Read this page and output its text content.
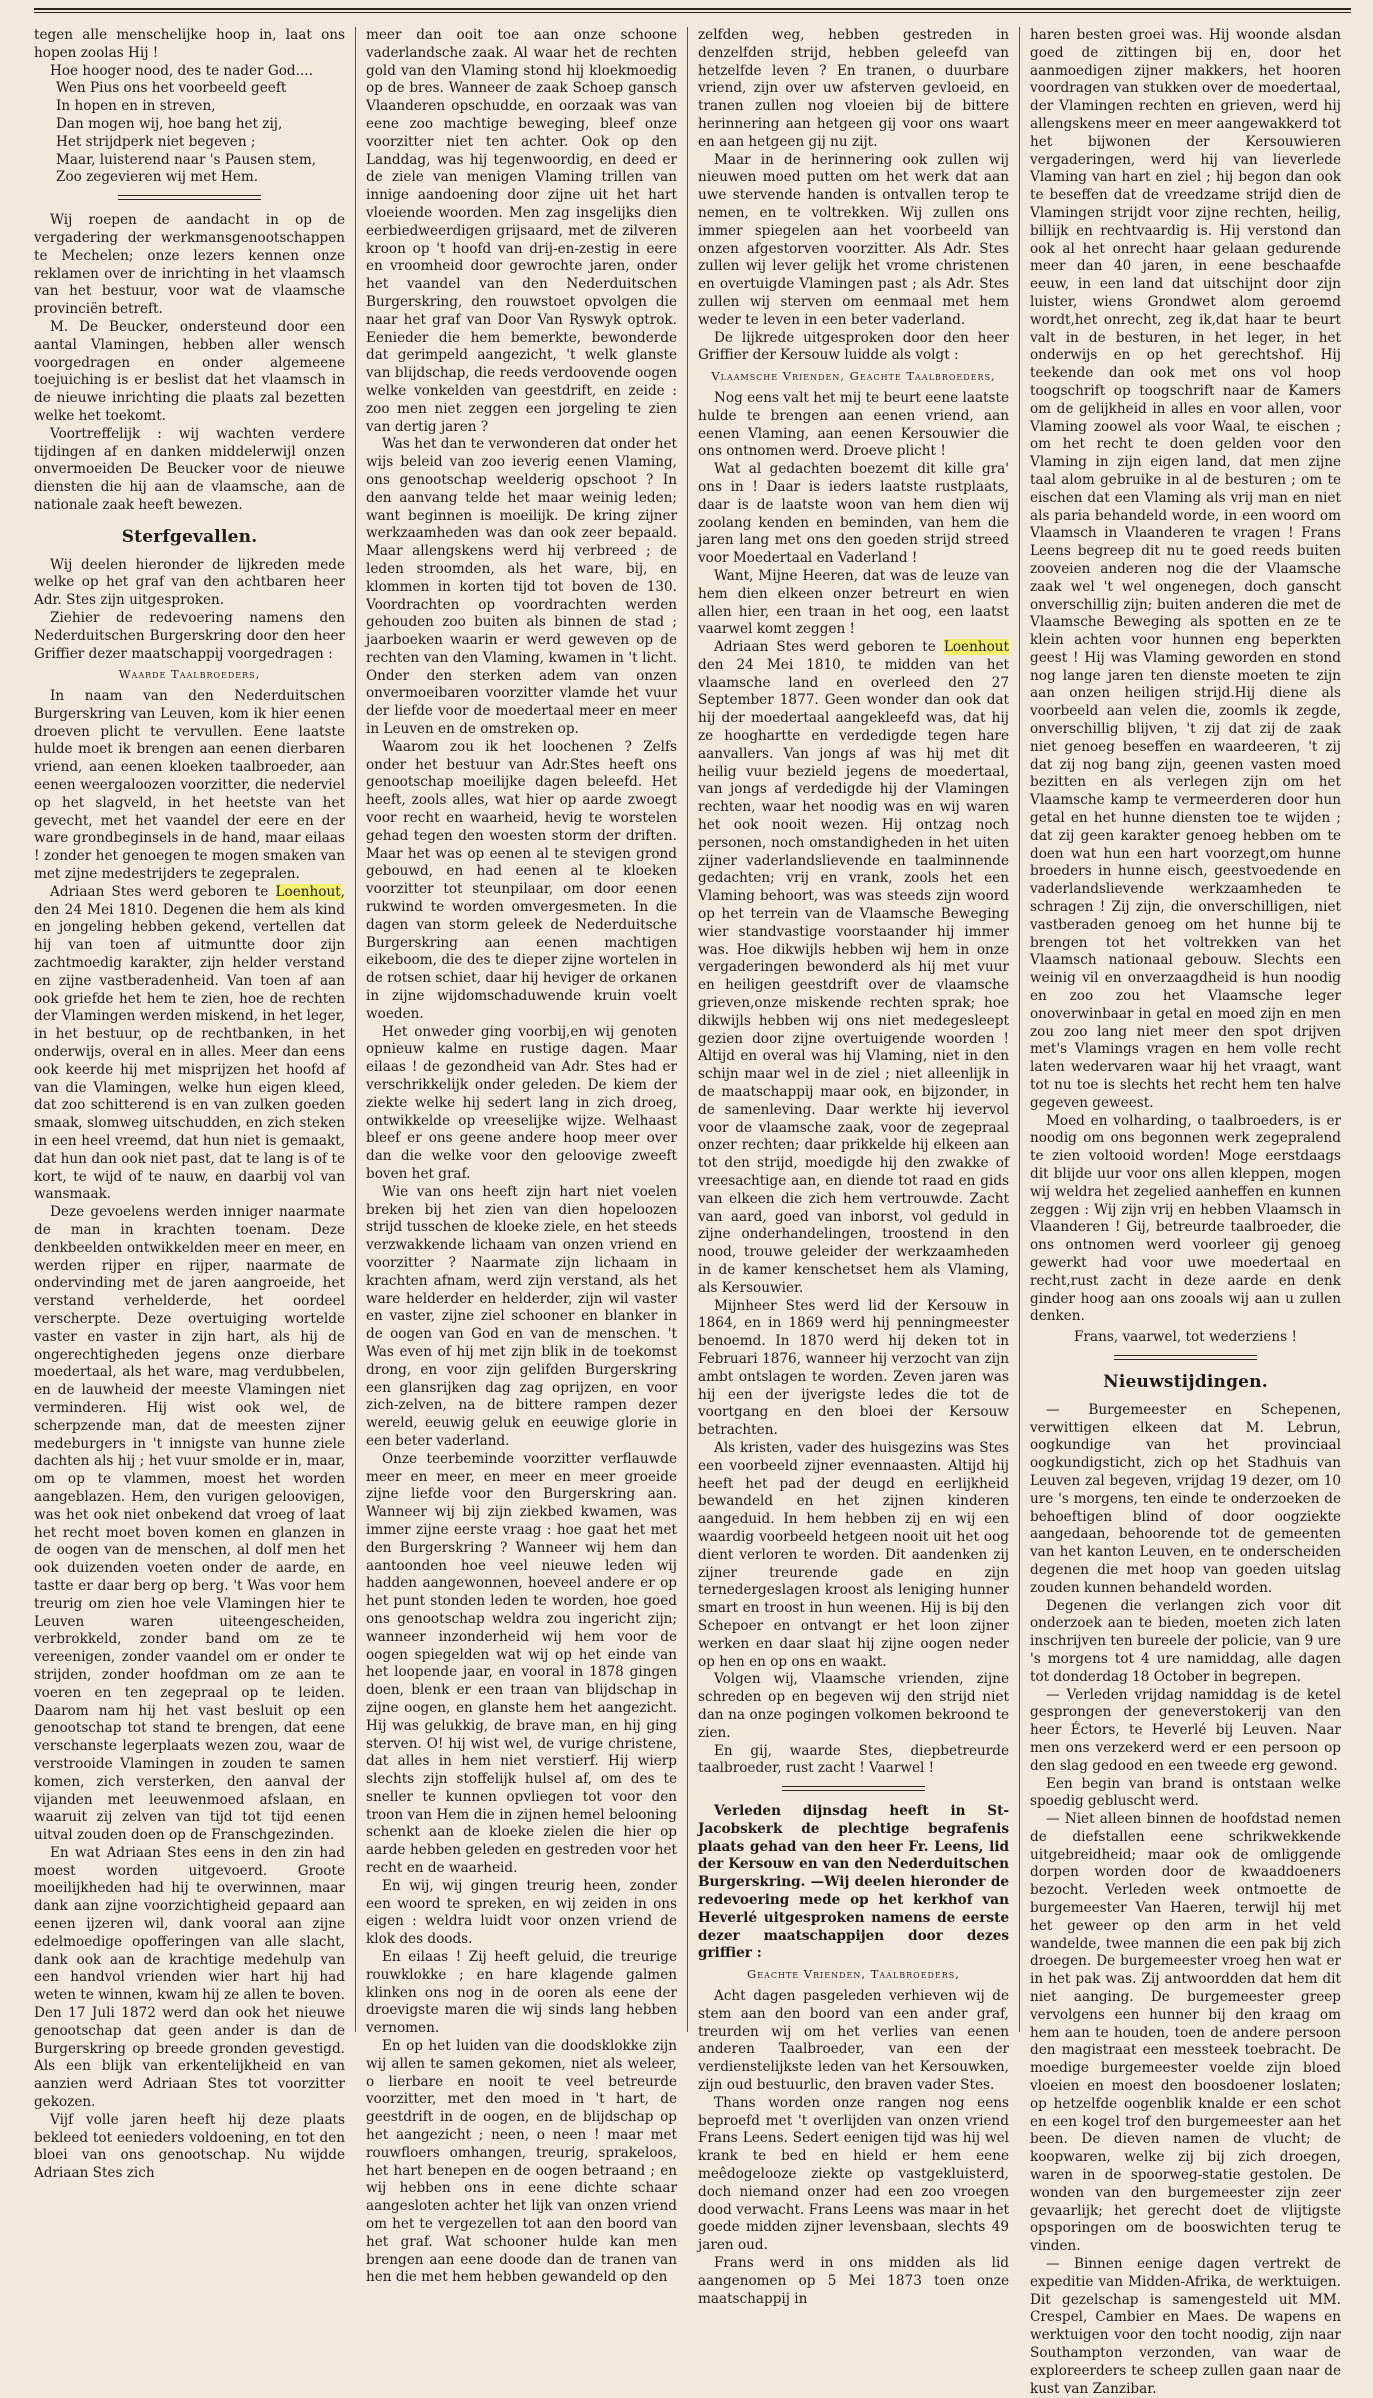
tegen alle menschelijke hoop in, laat ons hopen zoolas Hij !

Hoe hooger nood, des te nader God....

Wen Pius ons het voorbeeld geeft
In hopen en in streven,
Dan mogen wij, hoe bang het zij,
Het strijdperk niet begeven ;
Maar, luisterend naar 's Pausen stem,
Zoo zegevieren wij met Hem.

Wij roepen de aandacht in op de vergadering der werkmansgenootschappen te Mechelen; onze lezers kennen onze reklamen over de inrichting in het vlaamsch van het bestuur, voor wat de vlaamsche provinciën betreft.

M. De Beucker, ondersteund door een aantal Vlamingen, hebben aller wensch voorgedragen en onder algemeene toejuiching is er beslist dat het vlaamsch in de nieuwe inrichting die plaats zal bezetten welke het toekomt.

Voortreffelijk : wij wachten verdere tijdingen af en danken middelerwijl onzen onvermoeiden De Beucker voor de nieuwe diensten die hij aan de vlaamsche, aan de nationale zaak heeft bewezen.

Sterfgevallen.

Wij deelen hieronder de lijkreden mede welke op het graf van den achtbaren heer Adr. Stes zijn uitgesproken.

Ziehier de redevoering namens den Nederduitschen Burgerskring door den heer Griffier dezer maatschappij voorgedragen :

Waarde Taalbroeders,

In naam van den Nederduitschen Burgerskring van Leuven, kom ik hier eenen droeven plicht te vervullen. Eene laatste hulde moet ik brengen aan eenen dierbaren vriend, aan eenen kloeken taalbroeder, aan eenen weergaloozen voorzitter, die nederviel op het slagveld, in het heetste van het gevecht, met het vaandel der eere en der ware grondbeginsels in de hand, maar eilaas ! zonder het genoegen te mogen smaken van met zijne medestrijders te zegepralen.

Adriaan Stes werd geboren te Loenhout, den 24 Mei 1810. Degenen die hem als kind en jongeling hebben gekend, vertellen dat hij van toen af uitmuntte door zijn zachtmoedig karakter, zijn helder verstand en zijne vastberadenheid. Van toen af aan ook griefde het hem te zien, hoe de rechten der Vlamingen werden miskend, in het leger, in het bestuur, op de rechtbanken, in het onderwijs, overal en in alles. Meer dan eens ook keerde hij met misprijzen het hoofd af van die Vlamingen, welke hun eigen kleed, dat zoo schitterend is en van zulken goeden smaak, slomweg uitschudden, en zich steken in een heel vreemd, dat hun niet is gemaakt, dat hun dan ook niet past, dat te lang is of te kort, te wijd of te nauw, en daarbij vol van wansmaak.

Deze gevoelens werden inniger naarmate de man in krachten toenam. Deze denkbeelden ontwikkelden meer en meer, en werden rijper en rijper, naarmate de ondervinding met de jaren aangroeide, het verstand verhelderde, het oordeel verscherpte. Deze overtuiging wortelde vaster en vaster in zijn hart, als hij de ongerechtigheden jegens onze dierbare moedertaal, als het ware, mag verdubbelen, en de lauwheid der meeste Vlamingen niet verminderen. Hij wist ook wel, de scherpzende man, dat de meesten zijner medeburgers in 't innigste van hunne ziele dachten als hij ; het vuur smolde er in, maar, om op te vlammen, moest het worden aangeblazen. Hem, den vurigen geloovigen, was het ook niet onbekend dat vroeg of laat het recht moet boven komen en glanzen in de oogen van de menschen, al dolf men het ook duizenden voeten onder de aarde, en tastte er daar berg op berg. 't Was voor hem treurig om zien hoe vele Vlamingen hier te Leuven waren uiteengescheiden, verbrokkeld, zonder band om ze te vereenigen, zonder vaandel om er onder te strijden, zonder hoofdman om ze aan te voeren en ten zegepraal op te leiden. Daarom nam hij het vast besluit op een genootschap tot stand te brengen, dat eene verschanste legerplaats wezen zou, waar de verstrooide Vlamingen in zouden te samen komen, zich versterken, den aanval der vijanden met leeuwenmoed afslaan, en waaruit zij zelven van tijd tot tijd eenen uitval zouden doen op de Franschgezinden.

En wat Adriaan Stes eens in den zin had moest worden uitgevoerd. Groote moeilijkheden had hij te overwinnen, maar dank aan zijne voorzichtigheid gepaard aan eenen ijzeren wil, dank vooral aan zijne edelmoedige opofferingen van alle slacht, dank ook aan de krachtige medehulp van een handvol vrienden wier hart hij had weten te winnen, kwam hij ze allen te boven. Den 17 Juli 1872 werd dan ook het nieuwe genootschap dat geen ander is dan de Burgerskring op breede gronden gevestigd. Als een blijk van erkentelijkheid en van aanzien werd Adriaan Stes tot voorzitter gekozen.

Vijf volle jaren heeft hij deze plaats bekleed tot eenieders voldoening, en tot den bloei van ons genootschap. Nu wijdde Adriaan Stes zich

meer dan ooit toe aan onze schoone vaderlandsche zaak. Al waar het de rechten gold van den Vlaming stond hij kloekmoedig op de bres. Wanneer de zaak Schoep gansch Vlaanderen opschudde, en oorzaak was van eene zoo machtige beweging, bleef onze voorzitter niet ten achter. Ook op den Landdag, was hij tegenwoordig, en deed er de ziele van menigen Vlaming trillen van innige aandoening door zijne uit het hart vloeiende woorden. Men zag insgelijks dien eerbiedweerdigen grijsaard, met de zilveren kroon op 't hoofd van drij-en-zestig in eere en vroomheid door gewrochte jaren, onder het vaandel van den Nederduitschen Burgerskring, den rouwstoet opvolgen die naar het graf van Door Van Ryswyk optrok. Eenieder die hem bemerkte, bewonderde dat gerimpeld aangezicht, 't welk glanste van blijdschap, die reeds verdoovende oogen welke vonkelden van geestdrift, en zeide : zoo men niet zeggen een jorgeling te zien van dertig jaren ?

Was het dan te verwonderen dat onder het wijs beleid van zoo ieverig eenen Vlaming, ons genootschap weelderig opschoot ? In den aanvang telde het maar weinig leden; want beginnen is moeilijk. De kring zijner werkzaamheden was dan ook zeer bepaald. Maar allengskens werd hij verbreed ; de leden stroomden, als het ware, bij, en klommen in korten tijd tot boven de 130. Voordrachten op voordrachten werden gehouden zoo buiten als binnen de stad ; jaarboeken waarin er werd geweven op de rechten van den Vlaming, kwamen in 't licht. Onder den sterken adem van onzen onvermoeibaren voorzitter vlamde het vuur der liefde voor de moedertaal meer en meer in Leuven en de omstreken op.

Waarom zou ik het loochenen ? Zelfs onder het bestuur van Adr.Stes heeft ons genootschap moeilijke dagen beleefd. Het heeft, zools alles, wat hier op aarde zwoegt voor recht en waarheid, hevig te worstelen gehad tegen den woesten storm der driften. Maar het was op eenen al te stevigen grond gebouwd, en had eenen al te kloeken voorzitter tot steunpilaar, om door eenen rukwind te worden omvergesmeten. In die dagen van storm geleek de Nederduitsche Burgerskring aan eenen machtigen eikeboom, die des te dieper zijne wortelen in de rotsen schiet, daar hij heviger de orkanen in zijne wijdomschaduwende kruin voelt woeden.

Het onweder ging voorbij,en wij genoten opnieuw kalme en rustige dagen. Maar eilaas ! de gezondheid van Adr. Stes had er verschrikkelijk onder geleden. De kiem der ziekte welke hij sedert lang in zich droeg, ontwikkelde op vreeselijke wijze. Welhaast bleef er ons geene andere hoop meer over dan die welke voor den geloovige zweeft boven het graf.

Wie van ons heeft zijn hart niet voelen breken bij het zien van dien hopeloozen strijd tusschen de kloeke ziele, en het steeds verzwakkende lichaam van onzen vriend en voorzitter ? Naarmate zijn lichaam in krachten afnam, werd zijn verstand, als het ware helderder en helderder, zijn wil vaster en vaster, zijne ziel schooner en blanker in de oogen van God en van de menschen. 't Was even of hij met zijn blik in de toekomst drong, en voor zijn gelifden Burgerskring een glansrijken dag zag oprijzen, en voor zich-zelven, na de bittere rampen dezer wereld, eeuwig geluk en eeuwige glorie in een beter vaderland.

Onze teerbeminde voorzitter verflauwde meer en meer, en meer en meer groeide zijne liefde voor den Burgerskring aan. Wanneer wij bij zijn ziekbed kwamen, was immer zijne eerste vraag : hoe gaat het met den Burgerskring ? Wanneer wij hem dan aantoonden hoe veel nieuwe leden wij hadden aangewonnen, hoeveel andere er op het punt stonden leden te worden, hoe goed ons genootschap weldra zou ingericht zijn; wanneer inzonderheid wij hem voor de oogen spiegelden wat wij op het einde van het loopende jaar, en vooral in 1878 gingen doen, blenk er een traan van blijdschap in zijne oogen, en glanste hem het aangezicht. Hij was gelukkig, de brave man, en hij ging sterven. O! hij wist wel, de vurige christene, dat alles in hem niet verstierf. Hij wierp slechts zijn stoffelijk hulsel af, om des te sneller te kunnen opvliegen tot voor den troon van Hem die in zijnen hemel belooning schenkt aan de kloeke zielen die hier op aarde hebben geleden en gestreden voor het recht en de waarheid.

En wij, wij gingen treurig heen, zonder een woord te spreken, en wij zeiden in ons eigen : weldra luidt voor onzen vriend de klok des doods.

En eilaas ! Zij heeft geluid, die treurige rouwklokke ; en hare klagende galmen klinken ons nog in de ooren als eene der droevigste maren die wij sinds lang hebben vernomen.

En op het luiden van die doodsklokke zijn wij allen te samen gekomen, niet als weleer, o lierbare en nooit te veel betreurde voorzitter, met den moed in 't hart, de geestdrift in de oogen, en de blijdschap op het aangezicht ; neen, o neen ! maar met rouwfloers omhangen, treurig, sprakeloos, het hart benepen en de oogen betraand ; en wij hebben ons in eene dichte schaar aangesloten achter het lijk van onzen vriend om het te vergezellen tot aan den boord van het graf. Wat schooner hulde kan men brengen aan eene doode dan de tranen van hen die met hem hebben gewandeld op den

zelfden weg, hebben gestreden in denzelfden strijd, hebben geleefd van hetzelfde leven ? En tranen, o duurbare vriend, zijn over uw afsterven gevloeid, en tranen zullen nog vloeien bij de bittere herinnering aan hetgeen gij voor ons waart en aan hetgeen gij nu zijt.

Maar in de herinnering ook zullen wij nieuwen moed putten om het werk dat aan uwe stervende handen is ontvallen terop te nemen, en te voltrekken. Wij zullen ons immer spiegelen aan het voorbeeld van onzen afgestorven voorzitter. Als Adr. Stes zullen wij lever gelijk het vrome christenen en overtuigde Vlamingen past ; als Adr. Stes zullen wij sterven om eenmaal met hem weder te leven in een beter vaderland.

De lijkrede uitgesproken door den heer Griffier der Kersouw luidde als volgt :

Vlaamsche Vrienden, Geachte Taalbroeders,

Nog eens valt het mij te beurt eene laatste hulde te brengen aan eenen vriend, aan eenen Vlaming, aan eenen Kersouwier die ons ontnomen werd. Droeve plicht !

Wat al gedachten boezemt dit kille gra' ons in ! Daar is ieders laatste rustplaats, daar is de laatste woon van hem dien wij zoolang kenden en beminden, van hem die jaren lang met ons den goeden strijd streed voor Moedertaal en Vaderland !

Want, Mijne Heeren, dat was de leuze van hem dien elkeen onzer betreurt en wien allen hier, een traan in het oog, een laatst vaarwel komt zeggen !

Adriaan Stes werd geboren te Loenhout den 24 Mei 1810, te midden van het vlaamsche land en overleed den 27 September 1877. Geen wonder dan ook dat hij der moedertaal aangekleefd was, dat hij ze hooghartte en verdedigde tegen hare aanvallers. Van jongs af was hij met dit heilig vuur bezield jegens de moedertaal, van jongs af verdedigde hij der Vlamingen rechten, waar het noodig was en wij waren het ook nooit wezen. Hij ontzag noch personen, noch omstandigheden in het uiten zijner vaderlandslievende en taalminnende gedachten; vrij en vrank, zools het een Vlaming behoort, was was steeds zijn woord op het terrein van de Vlaamsche Beweging wier standvastige voorstaander hij immer was. Hoe dikwijls hebben wij hem in onze vergaderingen bewonderd als hij met vuur en heiligen geestdrift over de vlaamsche grieven,onze miskende rechten sprak; hoe dikwijls hebben wij ons niet medegesleept gezien door zijne overtuigende woorden ! Altijd en overal was hij Vlaming, niet in den schijn maar wel in de ziel ; niet alleenlijk in de maatschappij maar ook, en bijzonder, in de samenleving. Daar werkte hij ievervol voor de vlaamsche zaak, voor de zegepraal onzer rechten; daar prikkelde hij elkeen aan tot den strijd, moedigde hij den zwakke of vreesachtige aan, en diende tot raad en gids van elkeen die zich hem vertrouwde. Zacht van aard, goed van inborst, vol geduld in zijne onderhandelingen, troostend in den nood, trouwe geleider der werkzaamheden in de kamer kenschetset hem als Vlaming, als Kersouwier.

Mijnheer Stes werd lid der Kersouw in 1864, en in 1869 werd hij penningmeester benoemd. In 1870 werd hij deken tot in Februari 1876, wanneer hij verzocht van zijn ambt ontslagen te worden. Zeven jaren was hij een der ijverigste ledes die tot de voortgang en den bloei der Kersouw betrachten.

Als kristen, vader des huisgezins was Stes een voorbeeld zijner evennaasten. Altijd hij heeft het pad der deugd en eerlijkheid bewandeld en het zijnen kinderen aangeduid. In hem hebben zij en wij een waardig voorbeeld hetgeen nooit uit het oog dient verloren te worden. Dit aandenken zij zijner treurende gade en zijn ternedergeslagen kroost als leniging hunner smart en troost in hun weenen. Hij is bij den Schepoer en ontvangt er het loon zijner werken en daar slaat hij zijne oogen neder op hen en op ons en waakt.

Volgen wij, Vlaamsche vrienden, zijne schreden op en begeven wij den strijd niet dan na onze pogingen volkomen bekroond te zien.

En gij, waarde Stes, diepbetreurde taalbroeder, rust zacht ! Vaarwel !

Verleden dijnsdag heeft in St-Jacobskerk de plechtige begrafenis plaats gehad van den heer Fr. Leens, lid der Kersouw en van den Nederduitschen Burgerskring. —Wij deelen hieronder de redevoering mede op het kerkhof van Heverlé uitgesproken namens de eerste dezer maatschappijen door dezes griffier :

Geachte Vrienden, Taalbroeders,

Acht dagen pasgeleden verhieven wij de stem aan den boord van een ander graf, treurden wij om het verlies van eenen anderen Taalbroeder, van een der verdienstelijkste leden van het Kersouwken, zijn oud bestuurlic, den braven vader Stes.

Thans worden onze rangen nog eens beproefd met 't overlijden van onzen vriend Frans Leens. Sedert eenigen tijd was hij wel krank te bed en hield er hem eene meêdogelooze ziekte op vastgekluisterd, doch niemand onzer had een zoo vroegen dood verwacht. Frans Leens was maar in het goede midden zijner levensbaan, slechts 49 jaren oud.

Frans werd in ons midden als lid aangenomen op 5 Mei 1873 toen onze maatschappij in

haren besten groei was. Hij woonde alsdan goed de zittingen bij en, door het aanmoedigen zijner makkers, het hooren voordragen van stukken over de moedertaal, der Vlamingen rechten en grieven, werd hij allengskens meer en meer aangewakkerd tot het bijwonen der Kersouwieren vergaderingen, werd hij van lieverlede Vlaming van hart en ziel ; hij begon dan ook te beseffen dat de vreedzame strijd dien de Vlamingen strijdt voor zijne rechten, heilig, billijk en rechtvaardig is. Hij verstond dan ook al het onrecht haar gelaan gedurende meer dan 40 jaren, in eene beschaafde eeuw, in een land dat uitschijnt door zijn luister, wiens Grondwet alom geroemd wordt,het onrecht, zeg ik,dat haar te beurt valt in de besturen, in het leger, in het onderwijs en op het gerechtshof. Hij teekende dan ook met ons vol hoop toogschrift op toogschrift naar de Kamers om de gelijkheid in alles en voor allen, voor Vlaming zoowel als voor Waal, te eischen ; om het recht te doen gelden voor den Vlaming in zijn eigen land, dat men zijne taal alom gebruike in al de besturen ; om te eischen dat een Vlaming als vrij man en niet als paria behandeld worde, in een woord om Vlaamsch in Vlaanderen te vragen ! Frans Leens begreep dit nu te goed reeds buiten zooveien anderen nog die der Vlaamsche zaak wel 't wel ongenegen, doch ganscht onverschillig zijn; buiten anderen die met de Vlaamsche Beweging als spotten en ze te klein achten voor hunnen eng beperkten geest ! Hij was Vlaming geworden en stond nog lange jaren ten dienste moeten te zijn aan onzen heiligen strijd.Hij diene als voorbeeld aan velen die, zoomls ik zegde, onverschillig blijven, 't zij dat zij de zaak niet genoeg beseffen en waardeeren, 't zij dat zij nog bang zijn, geenen vasten moed bezitten en als verlegen zijn om het Vlaamsche kamp te vermeerderen door hun getal en het hunne diensten toe te wijden ; dat zij geen karakter genoeg hebben om te doen wat hun een hart voorzegt,om hunne broeders in hunne eisch, geestvoedende en vaderlandslievende werkzaamheden te schragen ! Zij zijn, die onverschilligen, niet vastberaden genoeg om het hunne bij te brengen tot het voltrekken van het Vlaamsch nationaal gebouw. Slechts een weinig vil en onverzaagdheid is hun noodig en zoo zou het Vlaamsche leger onoverwinbaar in getal en moed zijn en men zou zoo lang niet meer den spot drijven met's Vlamings vragen en hem volle recht laten wedervaren waar hij het vraagt, want tot nu toe is slechts het recht hem ten halve gegeven geweest.

Moed en volharding, o taalbroeders, is er noodig om ons begonnen werk zegepralend te zien voltooid worden! Moge eerstdaags dit blijde uur voor ons allen kleppen, mogen wij weldra het zegelied aanheffen en kunnen zeggen : Wij zijn vrij en hebben Vlaamsch in Vlaanderen ! Gij, betreurde taalbroeder, die ons ontnomen werd voorleer gij genoeg gewerkt had voor uwe moedertaal en recht,rust zacht in deze aarde en denk ginder hoog aan ons zooals wij aan u zullen denken.

Frans, vaarwel, tot wederziens !
Nieuwstijdingen.

— Burgemeester en Schepenen, verwittigen elkeen dat M. Lebrun, oogkundige van het provinciaal oogkundigsticht, zich op het Stadhuis van Leuven zal begeven, vrijdag 19 dezer, om 10 ure 's morgens, ten einde te onderzoeken de behoeftigen blind of door oogziekte aangedaan, behoorende tot de gemeenten van het kanton Leuven, en te onderscheiden degenen die met hoop van goeden uitslag zouden kunnen behandeld worden.

Degenen die verlangen zich voor dit onderzoek aan te bieden, moeten zich laten inschrijven ten bureele der policie, van 9 ure 's morgens tot 4 ure namiddag, alle dagen tot donderdag 18 October in begrepen.

— Verleden vrijdag namiddag is de ketel gesprongen der geneverstokerij van den heer Éctors, te Heverlé bij Leuven. Naar men ons verzekerd werd er een persoon op den slag gedood en een tweede erg gewond.

Een begin van brand is ontstaan welke spoedig gebluscht werd.

— Niet alleen binnen de hoofdstad nemen de diefstallen eene schrikwekkende uitgebreidheid; maar ook de omliggende dorpen worden door de kwaaddoeners bezocht. Verleden week ontmoette de burgemeester Van Haeren, terwijl hij met het geweer op den arm in het veld wandelde, twee mannen die een pak bij zich droegen. De burgemeester vroeg hen wat er in het pak was. Zij antwoordden dat hem dit niet aanging. De burgemeester greep vervolgens een hunner bij den kraag om hem aan te houden, toen de andere persoon den magistraat een messteek toebracht. De moedige burgemeester voelde zijn bloed vloeien en moest den boosdoener loslaten; op hetzelfde oogenblik knalde er een schot en een kogel trof den burgemeester aan het been. De dieven namen de vlucht; de koopwaren, welke zij bij zich droegen, waren in de spoorweg-statie gestolen. De wonden van den burgemeester zijn zeer gevaarlijk; het gerecht doet de vlijtigste opsporingen om de booswichten terug te vinden.

— Binnen eenige dagen vertrekt de expeditie van Midden-Afrika, de werktuigen. Dit gezelschap is samengesteld uit MM. Crespel, Cambier en Maes. De wapens en werktuigen voor den tocht noodig, zijn naar Southampton verzonden, van waar de exploreerders te scheep zullen gaan naar de kust van Zanzibar.
